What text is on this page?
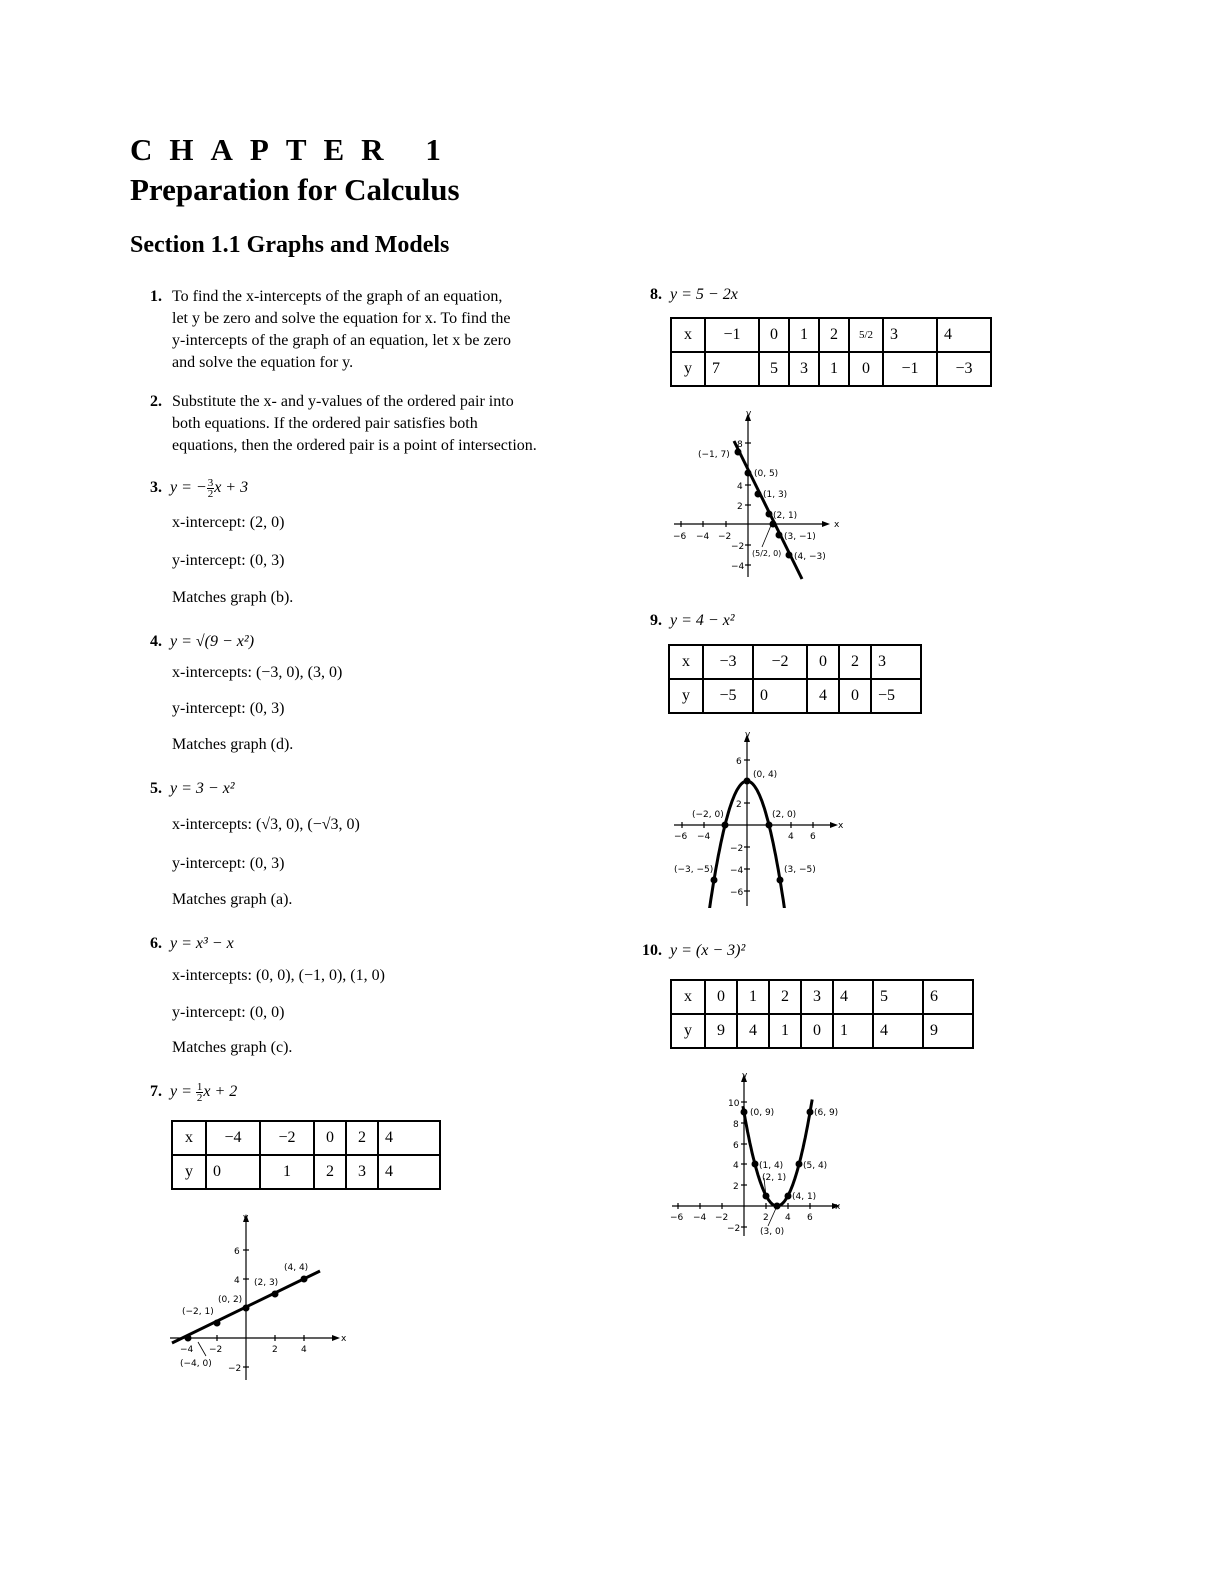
CHAPTER 1
Preparation for Calculus
Section 1.1 Graphs and Models
1. To find the x-intercepts of the graph of an equation,
let y be zero and solve the equation for x. To find the
y-intercepts of the graph of an equation, let x be zero
and solve the equation for y.
2. Substitute the x- and y-values of the ordered pair into
both equations. If the ordered pair satisfies both
equations, then the ordered pair is a point of intersection.
3. y = − $\frac{3}{2}$ x + 3
x-intercept: (2, 0)
y-intercept: (0, 3)
Matches graph (b).
4. y = √(9 − x²)
x-intercepts: (−3, 0), (3, 0)
y-intercept: (0, 3)
Matches graph (d).
5. y = 3 − x²
x-intercepts: (√3, 0), (−√3, 0)
y-intercept: (0, 3)
Matches graph (a).
6. y = x³ − x
x-intercepts: (0, 0), (−1, 0), (1, 0)
y-intercept: (0, 0)
Matches graph (c).
7. $y = \frac{1}{2}$ x + 2
x	−4	−2	0	2	4
y	0	1	2	3	4
x
y
−4 −2	2	4
6
4
−2
(4, 4)
(2, 3)
(0, 2)
(−2, 1)
(−4, 0)
8. y = 5 − 2x
x	−1	0	1	2	5/2	3	4
y	7	5	3	1	0	−1	−3
x
y
−6 −4 −2
8
4
2
−2
−4
(−1, 7)
(0, 5)
(1, 3)
(2, 1)
(3, −1)
(4, −3)
(5/2, 0)
9. y = 4 − x²
x	−3	−2	0	2	3
y	−5	0	4	0	−5
x
y
−6 −4	4 6
6
2
−2
−4
−6
(0, 4)
(−2, 0)	(2, 0)
(−3, −5)	(3, −5)
10. y = (x − 3)²
x	0	1	2	3	4	5	6
y	9	4	1	0	1	4	9
x
y
−6 −4 −2	2 4 6
10
8
6
4
2
−2
(0, 9)	(6, 9)
(1, 4) (5, 4)
(2, 1)
(4, 1)
(3, 0)
